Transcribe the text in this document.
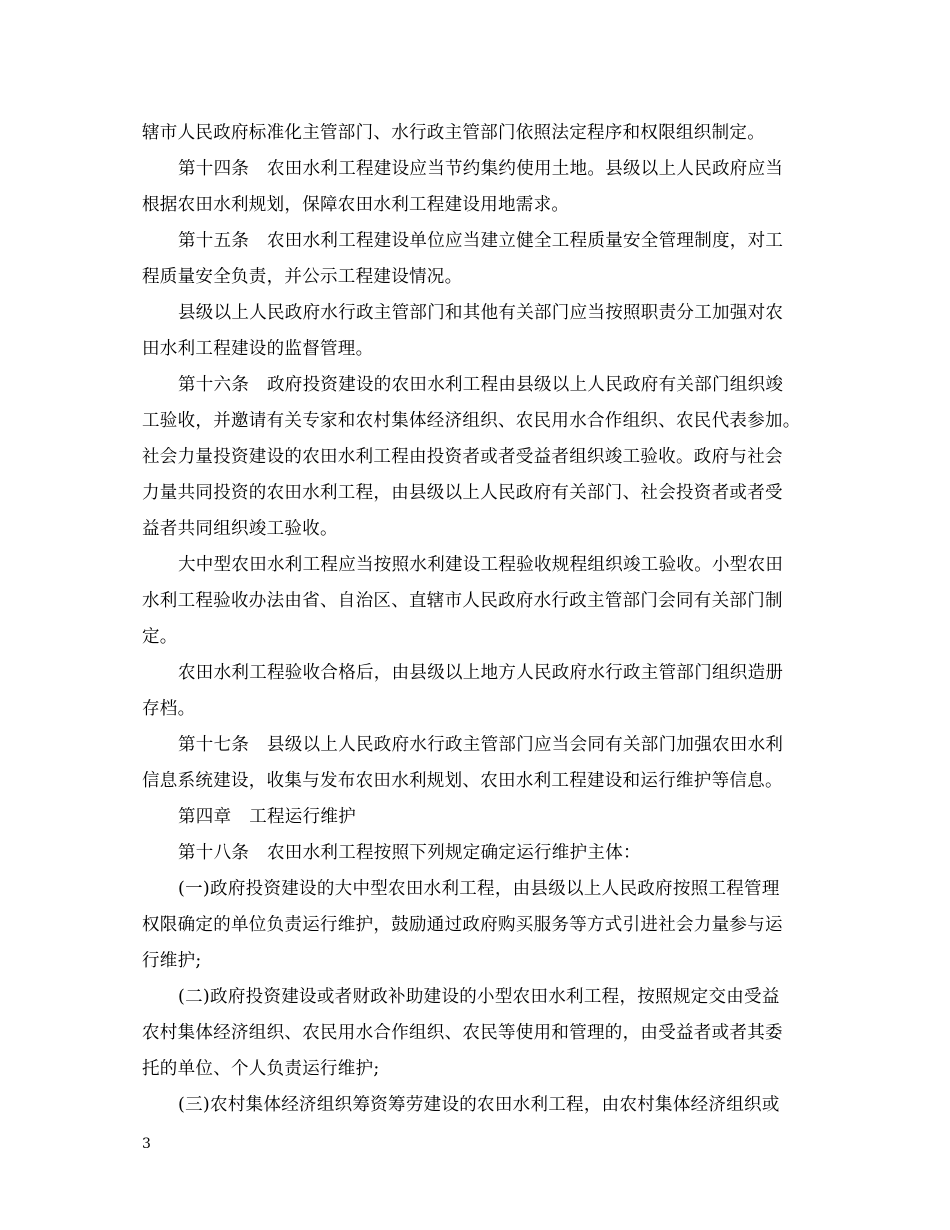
辖市人民政府标准化主管部门、水行政主管部门依照法定程序和权限组织制定。
第十四条　农田水利工程建设应当节约集约使用土地。县级以上人民政府应当
根据农田水利规划，保障农田水利工程建设用地需求。
第十五条　农田水利工程建设单位应当建立健全工程质量安全管理制度，对工
程质量安全负责，并公示工程建设情况。
县级以上人民政府水行政主管部门和其他有关部门应当按照职责分工加强对农
田水利工程建设的监督管理。
第十六条　政府投资建设的农田水利工程由县级以上人民政府有关部门组织竣
工验收，并邀请有关专家和农村集体经济组织、农民用水合作组织、农民代表参加。
社会力量投资建设的农田水利工程由投资者或者受益者组织竣工验收。政府与社会
力量共同投资的农田水利工程，由县级以上人民政府有关部门、社会投资者或者受
益者共同组织竣工验收。
大中型农田水利工程应当按照水利建设工程验收规程组织竣工验收。小型农田
水利工程验收办法由省、自治区、直辖市人民政府水行政主管部门会同有关部门制
定。
农田水利工程验收合格后，由县级以上地方人民政府水行政主管部门组织造册
存档。
第十七条　县级以上人民政府水行政主管部门应当会同有关部门加强农田水利
信息系统建设，收集与发布农田水利规划、农田水利工程建设和运行维护等信息。
第四章　工程运行维护
第十八条　农田水利工程按照下列规定确定运行维护主体：
(一)政府投资建设的大中型农田水利工程，由县级以上人民政府按照工程管理
权限确定的单位负责运行维护，鼓励通过政府购买服务等方式引进社会力量参与运
行维护;
(二)政府投资建设或者财政补助建设的小型农田水利工程，按照规定交由受益
农村集体经济组织、农民用水合作组织、农民等使用和管理的，由受益者或者其委
托的单位、个人负责运行维护;
(三)农村集体经济组织筹资筹劳建设的农田水利工程，由农村集体经济组织或
3
